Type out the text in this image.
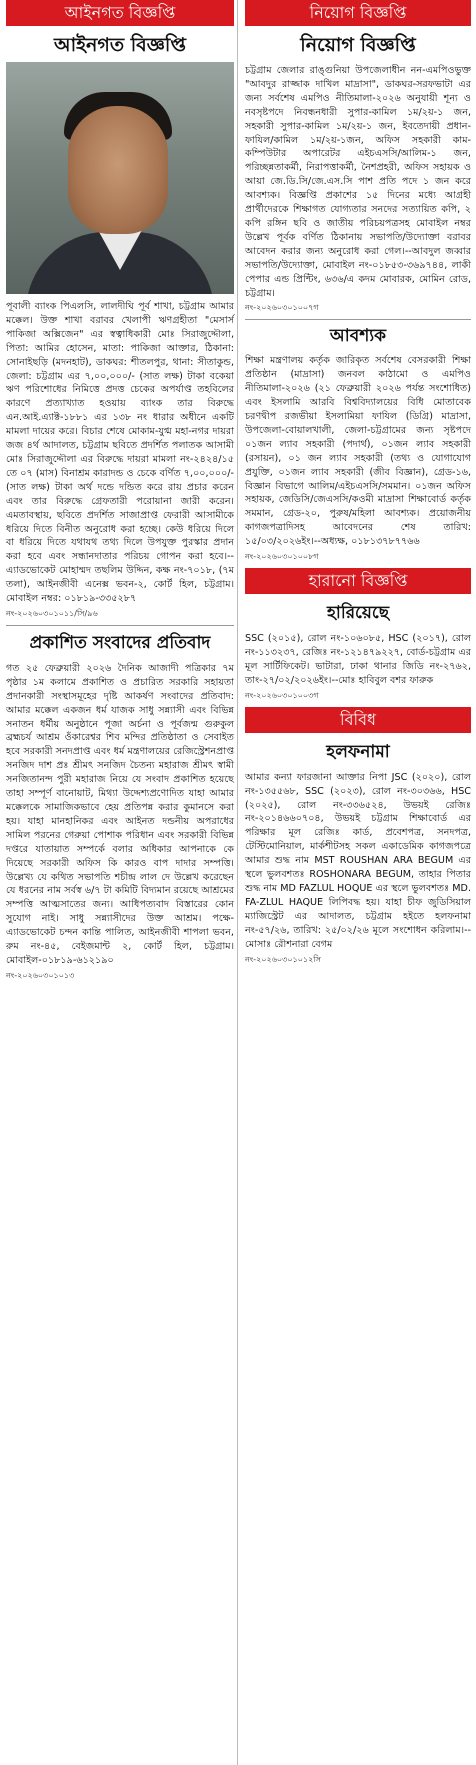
আইনগত বিজ্ঞপ্তি
আইনগত বিজ্ঞপ্তি
পূবালী ব্যাংক পিএলসি, লালদীঘি পূর্ব শাখা, চট্টগ্রাম আমার মক্কেল। উক্ত শাখা বরাবর খেলাপী ঋণগ্রহীতা "মেসার্স পাকিজা অক্সিজেন" এর স্বত্বাধিকারী মোঃ সিরাজুদ্দৌলা, পিতা: আমির হোসেন, মাতা: পাকিজা আক্তার, ঠিকানা: সোনাইছড়ি (মদনহাট), ডাকঘর: শীতলপুর, থানা: সীতাকুন্ড, জেলা: চট্টগ্রাম এর ৭,০০,০০০/- (সাত লক্ষ) টাকা বকেয়া ঋণ পরিশোধের নিমিত্তে প্রদত্ত চেকের অপর্যাপ্ত তহবিলের কারণে প্রত্যাখ্যাত হওয়ায় ব্যাংক তার বিরুদ্ধে এন.আই.এ্যাক্ট-১৮৮১ এর ১৩৮ নং ধারার অধীনে একটি মামলা দায়ের করে। বিচার শেষে মোকাম-যুগ্ম মহা-নগর দায়রা জজ ৪র্থ আদালত, চট্টগ্রাম ছবিতে প্রদর্শিত পলাতক আসামী মোঃ সিরাজুদ্দৌলা এর বিরুদ্ধে দায়রা মামলা নং-২৪২৪/১৫ তে ০৭ (মাস) বিনাশ্রম কারাদন্ড ও চেকে বর্ণিত ৭,০০,০০০/- (সাত লক্ষ) টাকা অর্থ দন্ডে দন্ডিত করে রায় প্রচার করেন এবং তার বিরুদ্ধে গ্রেফতারী পরোয়ানা জারী করেন। এমতাবস্থায়, ছবিতে প্রদর্শিত সাজাপ্রাপ্ত ফেরারী আসামীকে ধরিয়ে দিতে বিনীত অনুরোধ করা হচ্ছে। কেউ ধরিয়ে দিলে বা ধরিয়ে দিতে যথাযথ তথ্য দিলে উপযুক্ত পুরস্কার প্রদান করা হবে এবং সন্ধানদাতার পরিচয় গোপন করা হবে।--এ্যাডভোকেট মোহাম্মদ তছলিম উদ্দিন, কক্ষ নং-৭০১৮, (৭ম তলা), আইনজীবী এনেক্স ভবন-২, কোর্ট হিল, চট্টগ্রাম। মোবাইল নম্বর: ০১৮১৯-৩৩৫২৮৭
নং-২০২৬০৩০১০১১/সি/৯৬
প্রকাশিত সংবাদের প্রতিবাদ
গত ২৫ ফেব্রুয়ারী ২০২৬ দৈনিক আজাদী পত্রিকার ৭ম পৃষ্ঠার ১ম কলামে প্রকাশিত ও প্রচারিত সরকারি সহায়তা প্রদানকারী সংস্থাসমূহের দৃষ্টি আকর্ষণ সংবাদের প্রতিবাদ: আমার মক্কেল একজন ধর্ম যাজক সাধু সন্ন্যাসী এবং বিভিন্ন সনাতন ধর্মীয় অনুষ্ঠানে পূজা অর্চনা ও পূর্বজন্ম গুরুকুল ব্রহ্মচর্য আশ্রম ওঁকারেশ্বর শিব মন্দির প্রতিষ্ঠাতা ও সেবাইত হবে সরকারী সনদপ্রাপ্ত এবং ধর্ম মন্ত্রণালয়ের রেজিস্ট্রেশনপ্রাপ্ত সনজিদ দাশ প্রঃ শ্রীমৎ সনজিদ চৈতন্য মহারাজ শ্রীমৎ স্বামী সনজিতানন্দ পুরী মহারাজ নিয়ে যে সংবাদ প্রকাশিত হয়েছে তাহা সম্পূর্ণ বানোয়াট, মিথ্যা উদ্দেশ্যপ্রণোদিত যাহা আমার মক্কেলকে সামাজিকভাবে হেয় প্রতিপন্ন করার কুমানসে করা হয়। যাহা মানহানিকর এবং আইনত দন্ডনীয় অপরাধের সামিল পরনের গেরুয়া পোশাক পরিধান এবং সরকারী বিভিন্ন দপ্তরে যাতায়াত সম্পর্কে বলার অধিকার আপনাকে কে দিয়েছে সরকারী অফিস কি কারও বাপ দাদার সম্পত্তি। উল্লেখ্য যে কথিত সভাপতি শচীন্দ্র লাল দে উল্লেখ করেছেন যে ধরনের নাম সর্বস্ব ৬/৭ টা কমিটি বিদ্যমান রয়েছে আশ্রমের সম্পত্তি আত্মসাতের জন্য। আধিপত্যবাদ বিস্তারের কোন সুযোগ নাই। সাধু সন্ন্যাসীদের উক্ত আশ্রম। পক্ষে- এ্যাডভোকেট চন্দন কান্তি পালিত, আইনজীবী শাপলা ভবন, রুম নং-৪৫, বেইজমান্ট ২, কোর্ট হিল, চট্টগ্রাম। মোবাইল-০১৮১৯-৬১২১৯০
নং-২০২৬০৩০১০১৩
নিয়োগ বিজ্ঞপ্তি
নিয়োগ বিজ্ঞপ্তি
চট্টগ্রাম জেলার রাঙ্গুনিয়া উপজেলাধীন নন-এমপিওভুক্ত "আবদুর রাজ্জাক দাখিল মাদ্রাসা", ডাকঘর-সরফভাটা এর জন্য সর্বশেষ এমপিও নীতিমালা-২০২৬ অনুযায়ী শূন্য ও নবসৃষ্টপদে নিবন্ধনধারী সুপার-কামিল ১ম/২য়-১ জন, সহকারী সুপার-কামিল ১ম/২য়-১ জন, ইবতেদায়ী প্রধান-ফাযিল/কামিল ১ম/২য়-১জন, অফিস সহকারী কাম-কম্পিউটার অপারেটর এইচএসসি/আলিম-১ জন, পরিচ্ছন্নতাকর্মী, নিরাপত্তাকর্মী, নৈশপ্রহরী, অফিস সহায়ক ও আয়া জে.ডি.সি/জে.এস.সি পাশ প্রতি পদে ১ জন করে আবশ্যক। বিজ্ঞপ্তি প্রকাশের ১৫ দিনের মধ্যে আগ্রহী প্রার্থীদেরকে শিক্ষাগত যোগ্যতার সনদের সত্যায়িত কপি, ২ কপি রঙ্গিন ছবি ও জাতীয় পরিচয়পত্রসহ মোবাইল নম্বর উল্লেখ পূর্বক বর্ণিত ঠিকানায় সভাপতি/উদ্যোক্তা বরাবর আবেদন করার জন্য অনুরোধ করা গেল।--আবদুল জব্বার সভাপতি/উদ্যোক্তা, মোবাইল নং-০১৮৫৩-৩৬৯৭৪৪, লাকী পেপার এন্ড প্রিন্টিং, ৬৩৬/এ কদম মোবারক, মোমিন রোড, চট্টগ্রাম।
নং-২০২৬০৩০১০০৭গ
আবশ্যক
শিক্ষা মন্ত্রণালয় কর্তৃক জারিকৃত সর্বশেষ বেসরকারী শিক্ষা প্রতিষ্ঠান (মাদ্রাসা) জনবল কাঠামো ও এমপিও নীতিমালা-২০২৬ (২১ ফেব্রুয়ারী ২০২৬ পর্যন্ত সংশোধিত) এবং ইসলামি আরবি বিশ্ববিদ্যালয়ের বিধি মোতাবেক চরণদ্বীপ রজভীয়া ইসলামিয়া ফাযিল (ডিগ্রি) মাদ্রাসা, উপজেলা-বোয়ালখালী, জেলা-চট্টগ্রামের জন্য সৃষ্টপদে ০১জন ল্যাব সহকারী (পদার্থ), ০১জন ল্যাব সহকারী (রসায়ন), ০১ জন ল্যাব সহকারী (তথ্য ও যোগাযোগ প্রযুক্তি, ০১জন ল্যাব সহকারী (জীব বিজ্ঞান), গ্রেড-১৬, বিজ্ঞান বিভাগে আলিম/এইচএসসি/সমমান। ০১জন অফিস সহায়ক, জেডিসি/জেএসসি/কওমী মাদ্রাসা শিক্ষাবোর্ড কর্তৃক সমমান, গ্রেড-২০, পুরুষ/মহিলা আবশ্যক। প্রয়োজনীয় কাগজপত্রাদিসহ আবেদনের শেষ তারিখ: ১৫/০৩/২০২৬ইং।--অধ্যক্ষ, ০১৮১৩৭৮৭৭৬৬
নং-২০২৬০৩০১০০৮গ
হারানো বিজ্ঞপ্তি
হারিয়েছে
SSC (২০১৫), রোল নং-১০৬০৮৫, HSC (২০১৭), রোল নং-১১৩২৩৭, রেজিঃ নং-১২১৪৭৯২২৭, বোর্ড-চট্টগ্রাম এর মূল সার্টিফিকেট। ভাটারা, ঢাকা থানার জিডি নং-২৭৬২, তাং-২৭/০২/২০২৬ইং।--মোঃ হাবিবুল বশর ফারুক
নং-২০২৬০৩০১০০৩গ
বিবিধ
হলফনামা
আমার কন্যা ফারজানা আক্তার নিপা JSC (২০২০), রোল নং-১৩৫৫৬৮, SSC (২০২৩), রোল নং-৩০৩৬৬, HSC (২০২৫), রোল নং-৩৩৬৫২৪, উভয়ই রেজিঃ নং-২০১৪৬৬০৭০৪, উভয়ই চট্টগ্রাম শিক্ষাবোর্ড এর পরিক্ষার মূল রেজিঃ কার্ড, প্রবেশপত্র, সনদপত্র, টেস্টিমোনিয়াল, মার্কশীটসহ সকল একাডেমিক কাগজপত্রে আমার শুদ্ধ নাম MST ROUSHAN ARA BEGUM এর স্থলে ভুলবশতঃ ROSHONARA BEGUM, তাহার পিতার শুদ্ধ নাম MD FAZLUL HOQUE এর স্থলে ভুলবশতঃ MD. FA-ZLUL HAQUE লিপিবদ্ধ হয়। যাহা চীফ জুডিসিয়াল ম্যাজিস্ট্রেট এর আদালত, চট্টগ্রাম হইতে হলফনামা নং-৫৭/২৬, তারিখ: ২৫/০২/২৬ মূলে সংশোধন করিলাম।--মোসাঃ রৌশনারা বেগম
নং-২০২৬০৩০১০১২সি
